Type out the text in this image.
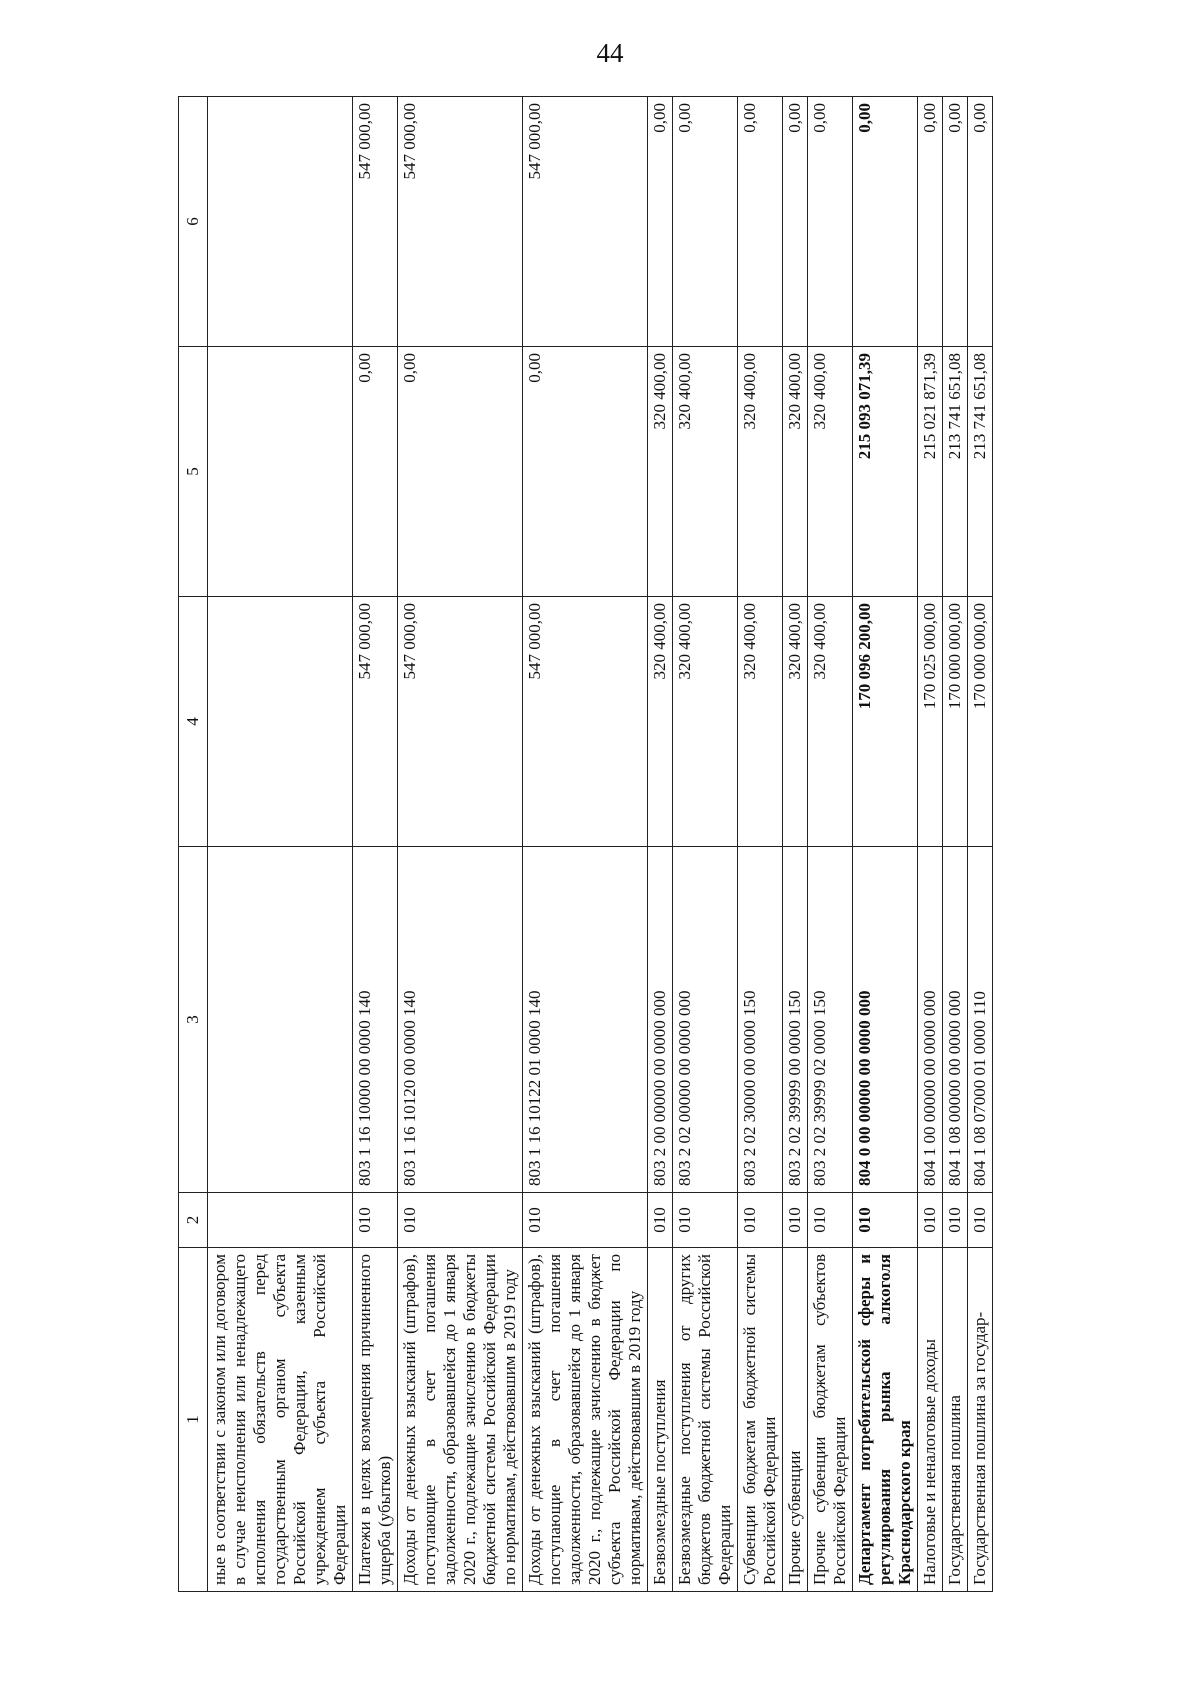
44
1	2	3	4	5	6
ные в соответствии с законом или договором в случае неисполнения или ненадлежащего исполнения обязательств перед государственным органом субъекта Российской Федерации, казенным учреждением субъекта Российской Федерации					
Платежи в целях возмещения причиненного ущерба (убытков)	010	803 1 16 10000 00 0000 140	547 000,00	0,00	547 000,00
Доходы от денежных взысканий (штрафов), поступающие в счет погашения задолженности, образовавшейся до 1 января 2020 г., подлежащие зачислению в бюджеты бюджетной системы Российской Федерации по нормативам, действовавшим в 2019 году	010	803 1 16 10120 00 0000 140	547 000,00	0,00	547 000,00
Доходы от денежных взысканий (штрафов), поступающие в счет погашения задолженности, образовавшейся до 1 января 2020 г., подлежащие зачислению в бюджет субъекта Российской Федерации по нормативам, действовавшим в 2019 году	010	803 1 16 10122 01 0000 140	547 000,00	0,00	547 000,00
Безвозмездные поступления	010	803 2 00 00000 00 0000 000	320 400,00	320 400,00	0,00
Безвозмездные поступления от других бюджетов бюджетной системы Российской Федерации	010	803 2 02 00000 00 0000 000	320 400,00	320 400,00	0,00
Субвенции бюджетам бюджетной системы Российской Федерации	010	803 2 02 30000 00 0000 150	320 400,00	320 400,00	0,00
Прочие субвенции	010	803 2 02 39999 00 0000 150	320 400,00	320 400,00	0,00
Прочие субвенции бюджетам субъектов Российской Федерации	010	803 2 02 39999 02 0000 150	320 400,00	320 400,00	0,00
Департамент потребительской сферы и регулирования рынка алкоголя Краснодарского края	010	804 0 00 00000 00 0000 000	170 096 200,00	215 093 071,39	0,00
Налоговые и неналоговые доходы	010	804 1 00 00000 00 0000 000	170 025 000,00	215 021 871,39	0,00
Государственная пошлина	010	804 1 08 00000 00 0000 000	170 000 000,00	213 741 651,08	0,00
Государственная пошлина за государ-	010	804 1 08 07000 01 0000 110	170 000 000,00	213 741 651,08	0,00
